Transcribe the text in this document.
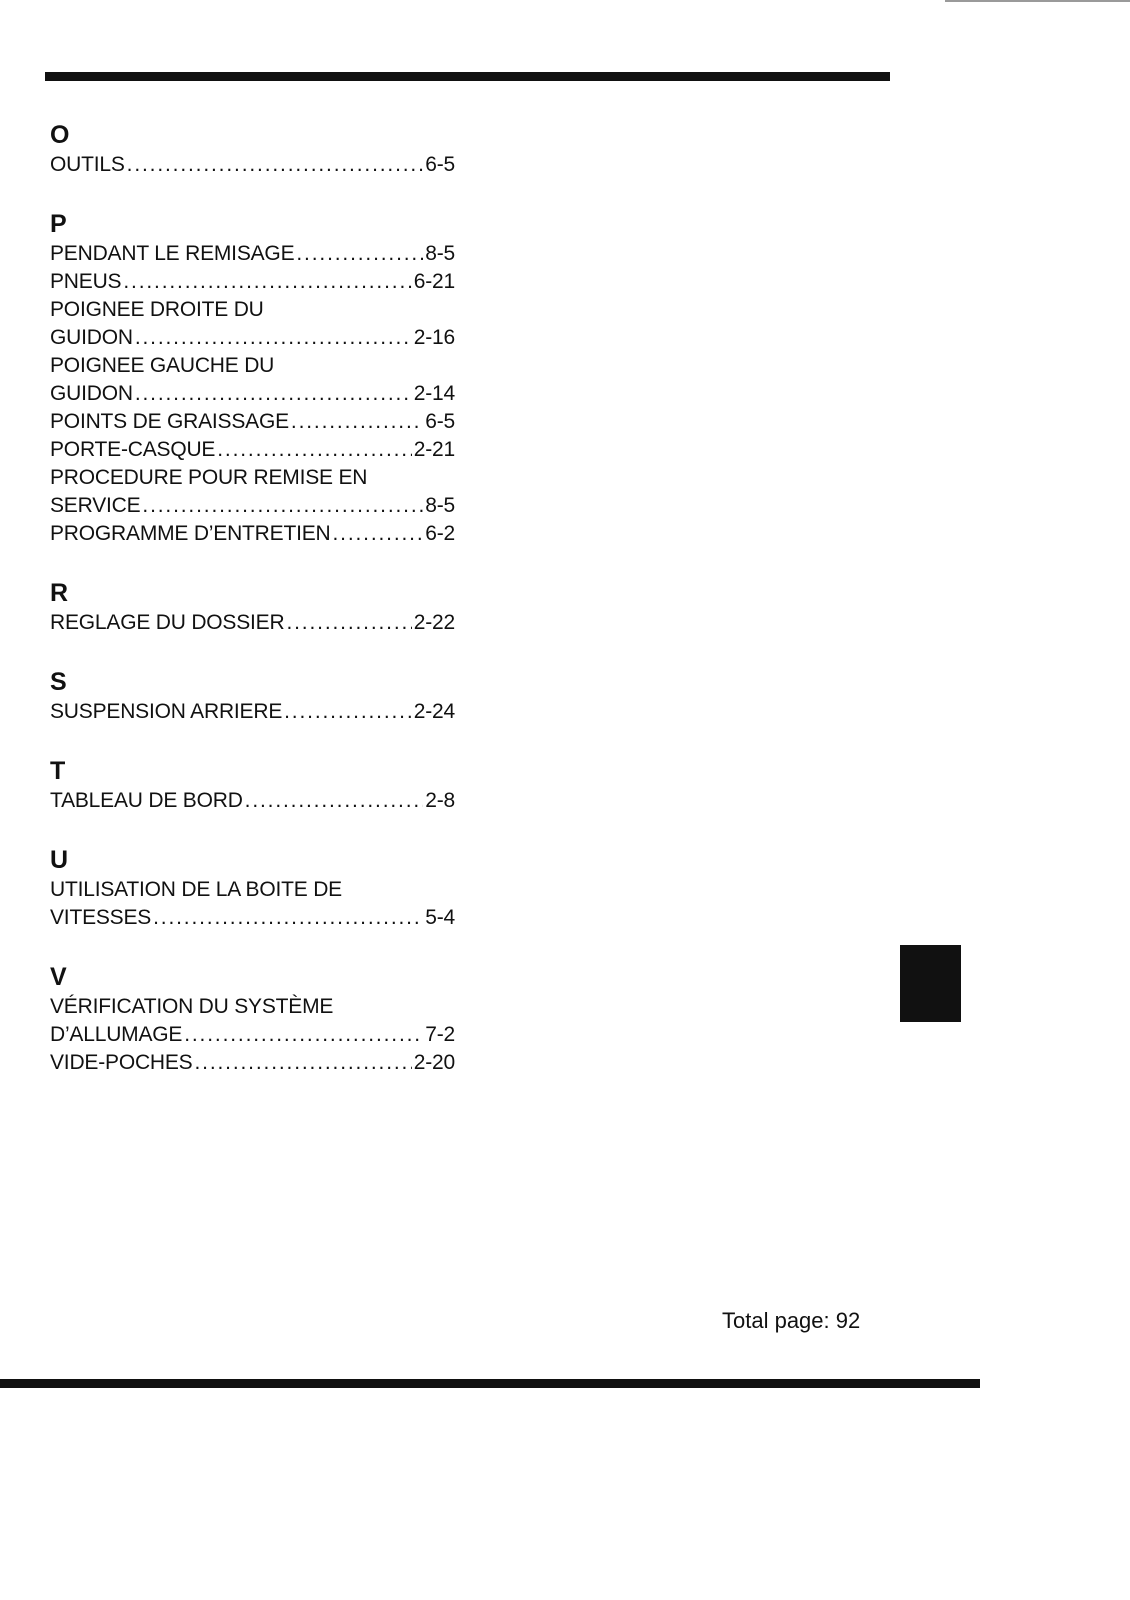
O
OUTILS . . .	6-5
P
PENDANT LE REMISAGE . . .	8-5
PNEUS . . .	6-21
POIGNEE DROITE DU
GUIDON . . .	2-16
POIGNEE GAUCHE DU
GUIDON . . .	2-14
POINTS DE GRAISSAGE . . .	6-5
PORTE-CASQUE . . .	2-21
PROCEDURE POUR REMISE EN
SERVICE . . .	8-5
PROGRAMME D’ENTRETIEN . . .	6-2
R
REGLAGE DU DOSSIER . . .	2-22
S
SUSPENSION ARRIERE . . .	2-24
T
TABLEAU DE BORD . . .	2-8
U
UTILISATION DE LA BOITE DE
VITESSES . . .	5-4
V
VÉRIFICATION DU SYSTÈME
D’ALLUMAGE . . .	7-2
VIDE-POCHES . . .	2-20
Total page: 92
